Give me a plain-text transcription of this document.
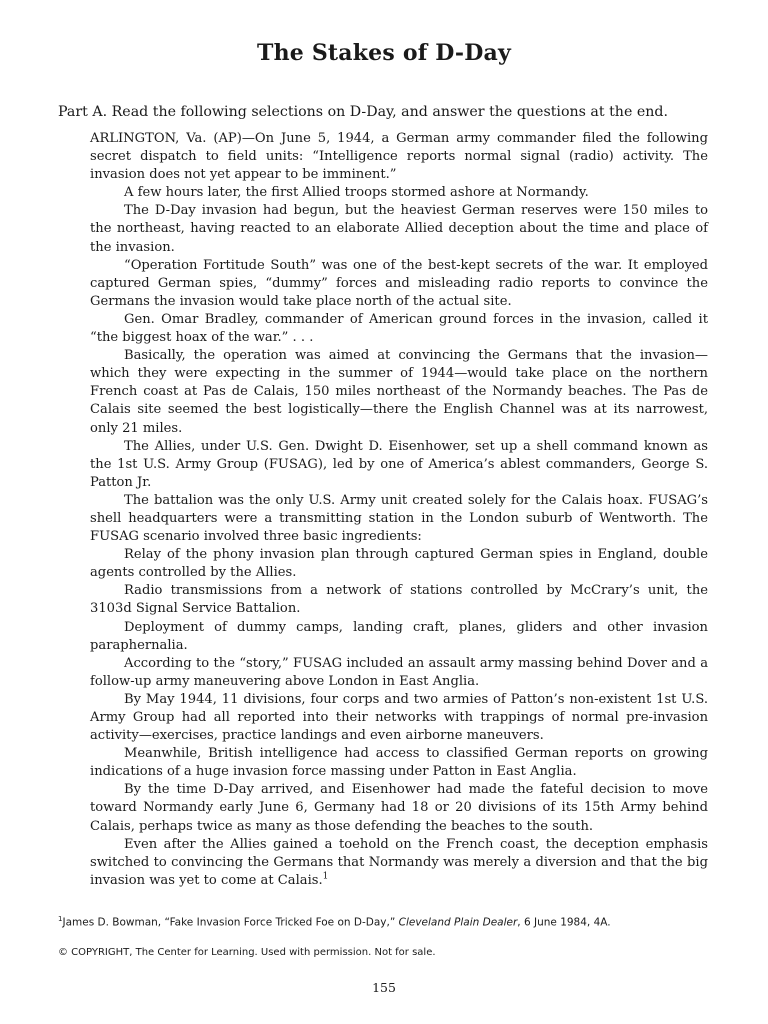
The Stakes of D-Day
Part A. Read the following selections on D-Day, and answer the questions at the end.

ARLINGTON, Va. (AP)—On June 5, 1944, a German army commander filed the following secret dispatch to field units: “Intelligence reports normal signal (radio) activity. The invasion does not yet appear to be imminent.”

A few hours later, the first Allied troops stormed ashore at Normandy.

The D-Day invasion had begun, but the heaviest German reserves were 150 miles to the northeast, having reacted to an elaborate Allied deception about the time and place of the invasion.

“Operation Fortitude South” was one of the best-kept secrets of the war. It employed captured German spies, “dummy” forces and misleading radio reports to convince the Germans the invasion would take place north of the actual site.

Gen. Omar Bradley, commander of American ground forces in the invasion, called it “the biggest hoax of the war.” . . .

Basically, the operation was aimed at convincing the Germans that the invasion— which they were expecting in the summer of 1944—would take place on the northern French coast at Pas de Calais, 150 miles northeast of the Normandy beaches. The Pas de Calais site seemed the best logistically—there the English Channel was at its narrowest, only 21 miles.

The Allies, under U.S. Gen. Dwight D. Eisenhower, set up a shell command known as the 1st U.S. Army Group (FUSAG), led by one of America’s ablest commanders, George S. Patton Jr.

The battalion was the only U.S. Army unit created solely for the Calais hoax. FUSAG’s shell headquarters were a transmitting station in the London suburb of Wentworth. The FUSAG scenario involved three basic ingredients:

Relay of the phony invasion plan through captured German spies in England, double agents controlled by the Allies.

Radio transmissions from a network of stations controlled by McCrary’s unit, the 3103d Signal Service Battalion.

Deployment of dummy camps, landing craft, planes, gliders and other invasion paraphernalia.

According to the “story,” FUSAG included an assault army massing behind Dover and a follow-up army maneuvering above London in East Anglia.

By May 1944, 11 divisions, four corps and two armies of Patton’s non-existent 1st U.S. Army Group had all reported into their networks with trappings of normal pre-invasion activity—exercises, practice landings and even airborne maneuvers.

Meanwhile, British intelligence had access to classified German reports on growing indications of a huge invasion force massing under Patton in East Anglia.

By the time D-Day arrived, and Eisenhower had made the fateful decision to move toward Normandy early June 6, Germany had 18 or 20 divisions of its 15th Army behind Calais, perhaps twice as many as those defending the beaches to the south.

Even after the Allies gained a toehold on the French coast, the deception emphasis switched to convincing the Germans that Normandy was merely a diversion and that the big invasion was yet to come at Calais.$^1$

$^1$James D. Bowman, “Fake Invasion Force Tricked Foe on D-Day,” Cleveland Plain Dealer, 6 June 1984, 4A.
© COPYRIGHT, The Center for Learning. Used with permission. Not for sale.
155
